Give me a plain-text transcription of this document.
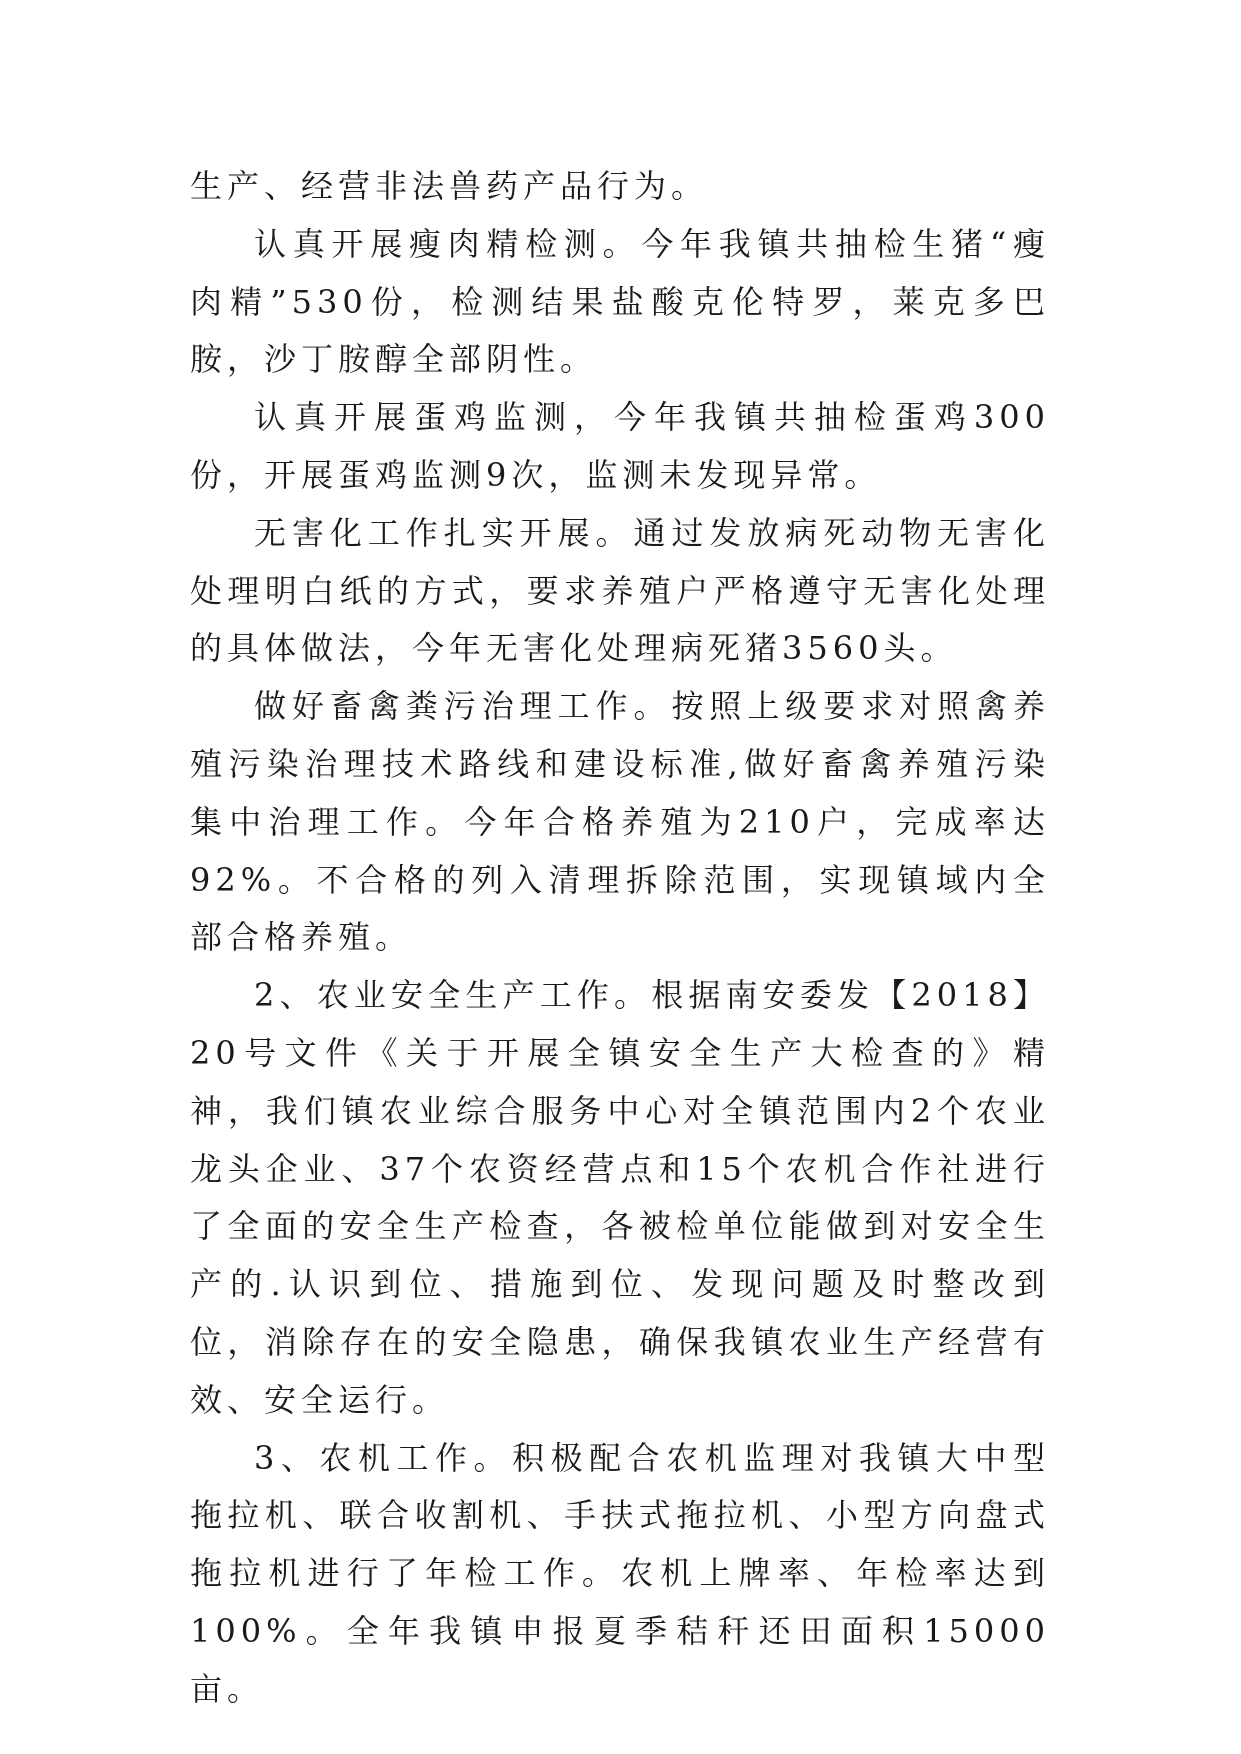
生产、经营非法兽药产品行为。

认真开展瘦肉精检测。今年我镇共抽检生猪“瘦肉精”530份，检测结果盐酸克伦特罗，莱克多巴胺，沙丁胺醇全部阴性。

认真开展蛋鸡监测，今年我镇共抽检蛋鸡300份，开展蛋鸡监测9次，监测未发现异常。

无害化工作扎实开展。通过发放病死动物无害化处理明白纸的方式，要求养殖户严格遵守无害化处理的具体做法，今年无害化处理病死猪3560头。

做好畜禽粪污治理工作。按照上级要求对照禽养殖污染治理技术路线和建设标准,做好畜禽养殖污染集中治理工作。今年合格养殖为210户，完成率达92%。不合格的列入清理拆除范围，实现镇域内全部合格养殖。

2、农业安全生产工作。根据南安委发【2018】20号文件《关于开展全镇安全生产大检查的》精神，我们镇农业综合服务中心对全镇范围内2个农业龙头企业、37个农资经营点和15个农机合作社进行了全面的安全生产检查，各被检单位能做到对安全生产的.认识到位、措施到位、发现问题及时整改到位，消除存在的安全隐患，确保我镇农业生产经营有效、安全运行。

3、农机工作。积极配合农机监理对我镇大中型拖拉机、联合收割机、手扶式拖拉机、小型方向盘式拖拉机进行了年检工作。农机上牌率、年检率达到100%。全年我镇申报夏季秸秆还田面积15000亩。
